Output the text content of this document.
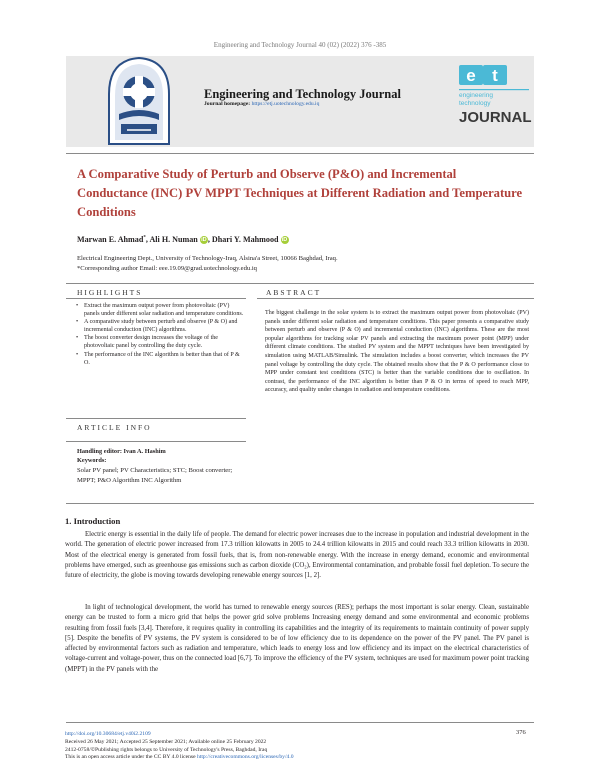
Engineering and Technology Journal 40 (02) (2022) 376 -385
e t
engineering
technology
JOURNAL
Engineering and Technology Journal
Journal homepage: https://etj.uotechnology.edu.iq
A Comparative Study of Perturb and Observe (P&O) and Incremental Conductance (INC) PV MPPT Techniques at Different Radiation and Temperature Conditions
Marwan E. Ahmad*, Ali H. Numan iD, Dhari Y. Mahmood iD
Electrical Engineering Dept., University of Technology-Iraq, Alsina'a Street, 10066 Baghdad, Iraq.
*Corresponding author Email: eee.19.09@grad.uotechnology.edu.iq
HIGHLIGHTS	ABSTRACT
• Extract the maximum output power from photovoltaic (PV) panels under different solar radiation and temperature conditions.
• A comparative study between perturb and observe (P & O) and incremental conduction (INC) algorithms.
• The boost converter design increases the voltage of the photovoltaic panel by controlling the duty cycle.
• The performance of the INC algorithm is better than that of P & O.
The biggest challenge in the solar system is to extract the maximum output power from photovoltaic (PV) panels under different solar radiation and temperature conditions. This paper presents a comparative study between perturb and observe (P & O) and incremental conduction (INC) algorithms. These are the most popular algorithms for tracking solar PV panels and extracting the maximum power point (MPP) under different climate conditions. The studied PV system and the MPPT techniques have been investigated by simulation using MATLAB/Simulink. The simulation includes a boost converter, which increases the PV panel voltage by controlling the duty cycle. The obtained results show that the P & O performance close to MPP under constant test conditions (STC) is better than the variable conditions due to oscillation. In contrast, the performance of the INC algorithm is better than P & O in terms of speed to reach MPP, accuracy, and quality under changes in radiation and temperature conditions.
ARTICLE INFO
Handling editor: Ivan A. Hashim
Keywords:
Solar PV panel; PV Characteristics; STC; Boost converter; MPPT; P&O Algorithm INC Algorithm
1. Introduction
Electric energy is essential in the daily life of people. The demand for electric power increases due to the increase in population and industrial development in the world. The generation of electric power increased from 17.3 trillion kilowatts in 2005 to 24.4 trillion kilowatts in 2015 and could reach 33.3 trillion kilowatts in 2030. Most of the electrical energy is generated from fossil fuels, that is, from non-renewable energy. With the increase in energy demand, economic and environmental problems have emerged, such as greenhouse gas emissions such as carbon dioxide (CO₂), Environmental contamination, and probable fossil fuel depletion. To secure the future of electricity, the globe is moving towards developing renewable energy sources [1, 2].
In light of technological development, the world has turned to renewable energy sources (RES); perhaps the most important is solar energy. Clean, sustainable energy can be trusted to form a micro grid that helps the power grid solve problems Increasing energy demand and some environmental and economic problems resulting from fossil fuels [3,4]. Therefore, it requires quality in controlling its capabilities and the integrity of its requirements to maintain continuity of power supply [5]. Despite the benefits of PV systems, the PV system is considered to be of low efficiency due to its dependence on the power of the PV panel. The PV panel is affected by environmental factors such as radiation and temperature, which leads to energy loss and low efficiency and its impact on the electrical characteristics of voltage-current and voltage-power, thus on the connected load [6,7]. To improve the efficiency of the PV system, techniques are used for maximum power point tracking (MPPT) in the PV panels with the
376
http://doi.org/10.30684/etj.v40i2.2109
Received 26 May 2021; Accepted 25 September 2021; Available online 25 February 2022
2412-0758/©Publishing rights belongs to University of Technology's Press, Baghdad, Iraq
This is an open access article under the CC BY 4.0 license http://creativecommons.org/licenses/by/4.0
